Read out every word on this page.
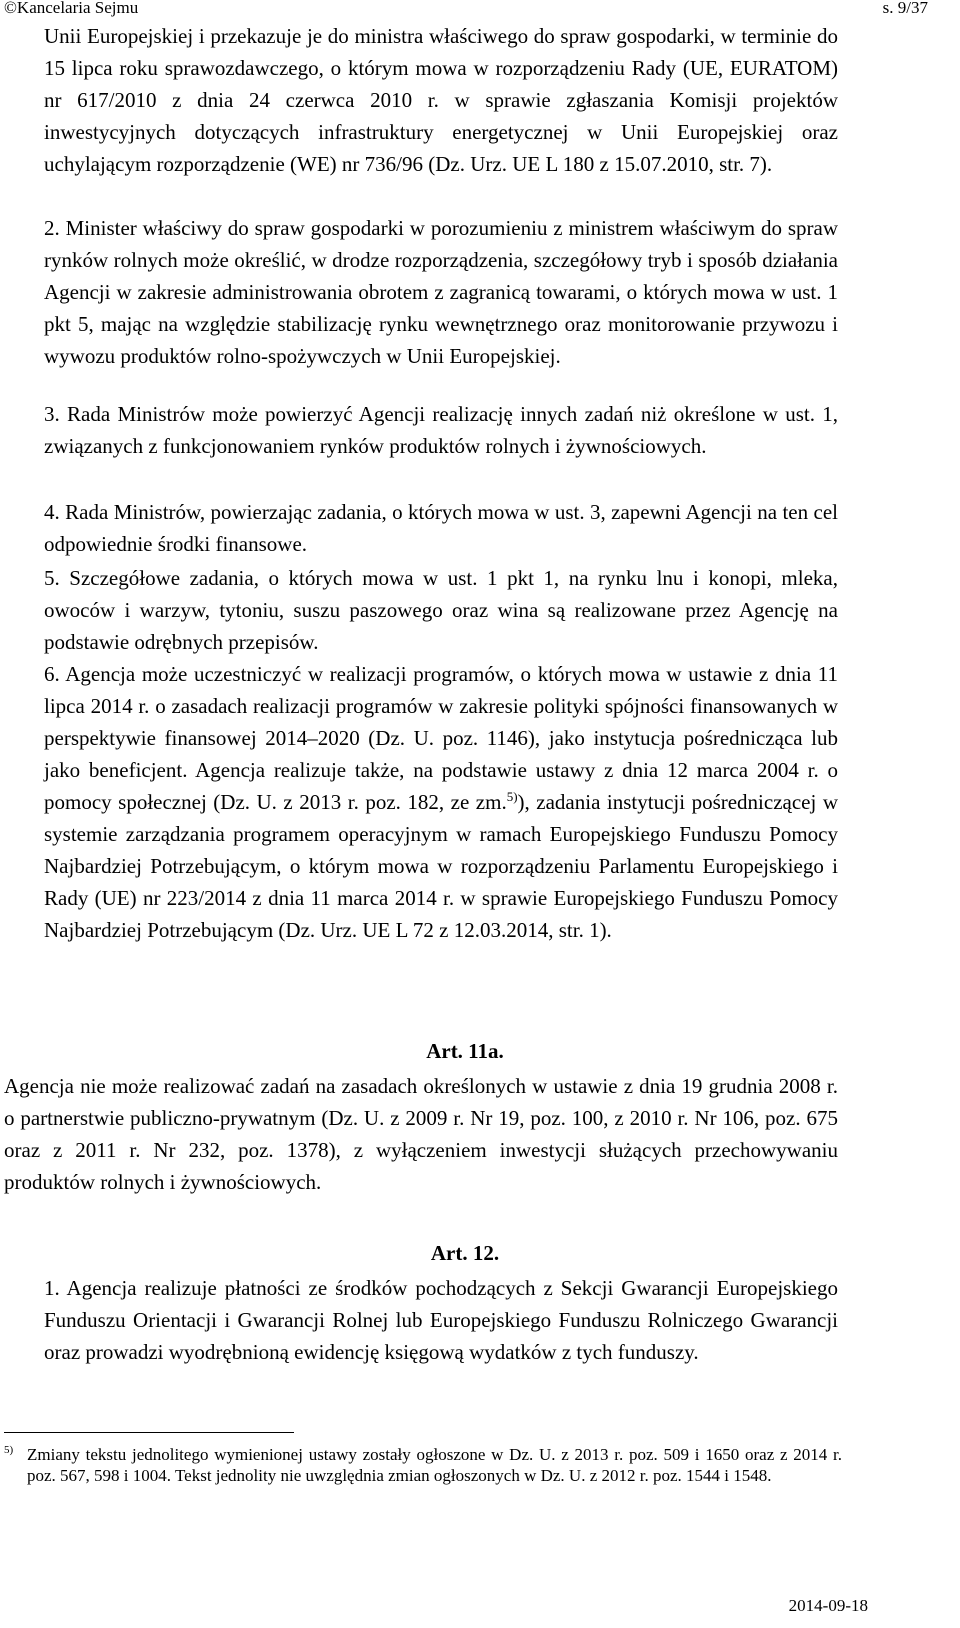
©Kancelaria Sejmu	s. 9/37
Unii Europejskiej i przekazuje je do ministra właściwego do spraw gospodarki, w terminie do 15 lipca roku sprawozdawczego, o którym mowa w rozporządzeniu Rady (UE, EURATOM) nr 617/2010 z dnia 24 czerwca 2010 r. w sprawie zgłaszania Komisji projektów inwestycyjnych dotyczących infrastruktury energetycznej w Unii Europejskiej oraz uchylającym rozporządzenie (WE) nr 736/96 (Dz. Urz. UE L 180 z 15.07.2010, str. 7).
2. Minister właściwy do spraw gospodarki w porozumieniu z ministrem właściwym do spraw rynków rolnych może określić, w drodze rozporządzenia, szczegółowy tryb i sposób działania Agencji w zakresie administrowania obrotem z zagranicą towarami, o których mowa w ust. 1 pkt 5, mając na względzie stabilizację rynku wewnętrznego oraz monitorowanie przywozu i wywozu produktów rolno-spożywczych w Unii Europejskiej.
3. Rada Ministrów może powierzyć Agencji realizację innych zadań niż określone w ust. 1, związanych z funkcjonowaniem rynków produktów rolnych i żywnościowych.
4. Rada Ministrów, powierzając zadania, o których mowa w ust. 3, zapewni Agencji na ten cel odpowiednie środki finansowe.
5. Szczegółowe zadania, o których mowa w ust. 1 pkt 1, na rynku lnu i konopi, mleka, owoców i warzyw, tytoniu, suszu paszowego oraz wina są realizowane przez Agencję na podstawie odrębnych przepisów.
6. Agencja może uczestniczyć w realizacji programów, o których mowa w ustawie z dnia 11 lipca 2014 r. o zasadach realizacji programów w zakresie polityki spójności finansowanych w perspektywie finansowej 2014–2020 (Dz. U. poz. 1146), jako instytucja pośrednicząca lub jako beneficjent. Agencja realizuje także, na podstawie ustawy z dnia 12 marca 2004 r. o pomocy społecznej (Dz. U. z 2013 r. poz. 182, ze zm.$^{5)}$), zadania instytucji pośredniczącej w systemie zarządzania programem operacyjnym w ramach Europejskiego Funduszu Pomocy Najbardziej Potrzebującym, o którym mowa w rozporządzeniu Parlamentu Europejskiego i Rady (UE) nr 223/2014 z dnia 11 marca 2014 r. w sprawie Europejskiego Funduszu Pomocy Najbardziej Potrzebującym (Dz. Urz. UE L 72 z 12.03.2014, str. 1).
Art. 11a.
Agencja nie może realizować zadań na zasadach określonych w ustawie z dnia 19 grudnia 2008 r. o partnerstwie publiczno-prywatnym (Dz. U. z 2009 r. Nr 19, poz. 100, z 2010 r. Nr 106, poz. 675 oraz z 2011 r. Nr 232, poz. 1378), z wyłączeniem inwestycji służących przechowywaniu produktów rolnych i żywnościowych.
Art. 12.
1. Agencja realizuje płatności ze środków pochodzących z Sekcji Gwarancji Europejskiego Funduszu Orientacji i Gwarancji Rolnej lub Europejskiego Funduszu Rolniczego Gwarancji oraz prowadzi wyodrębnioną ewidencję księgową wydatków z tych funduszy.
5) Zmiany tekstu jednolitego wymienionej ustawy zostały ogłoszone w Dz. U. z 2013 r. poz. 509 i 1650 oraz z 2014 r. poz. 567, 598 i 1004. Tekst jednolity nie uwzględnia zmian ogłoszonych w Dz. U. z 2012 r. poz. 1544 i 1548.
2014-09-18
